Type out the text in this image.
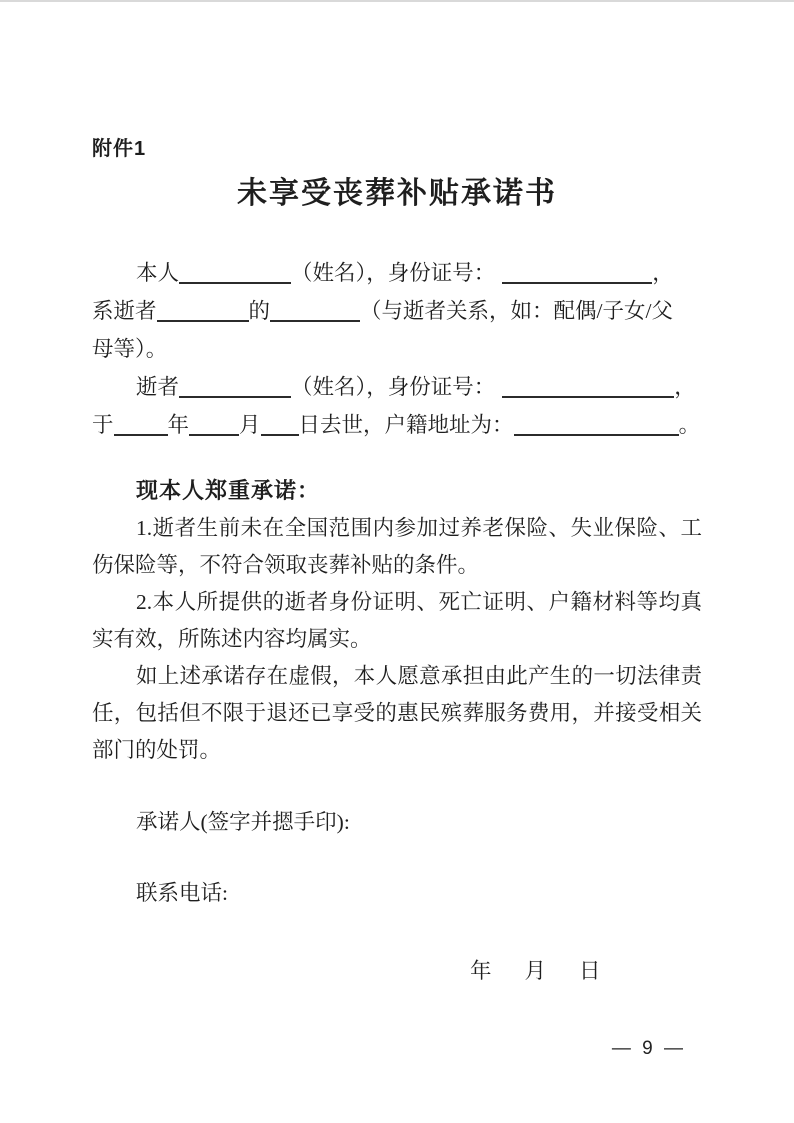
附件1
未享受丧葬补贴承诺书
本人	（姓名），身份证号：	，
系逝者	的	（与逝者关系，如：配偶/子女/父
母等）。
逝者	（姓名），身份证号：	，
于	年 月 日去世，户籍地址为：	。
现本人郑重承诺：
1.逝者生前未在全国范围内参加过养老保险、失业保险、工
伤保险等，不符合领取丧葬补贴的条件。
2.本人所提供的逝者身份证明、死亡证明、户籍材料等均真
实有效，所陈述内容均属实。
如上述承诺存在虚假，本人愿意承担由此产生的一切法律责
任，包括但不限于退还已享受的惠民殡葬服务费用，并接受相关
部门的处罚。
承诺人(签字并摁手印):
联系电话:
年 月 日
— 9 —
